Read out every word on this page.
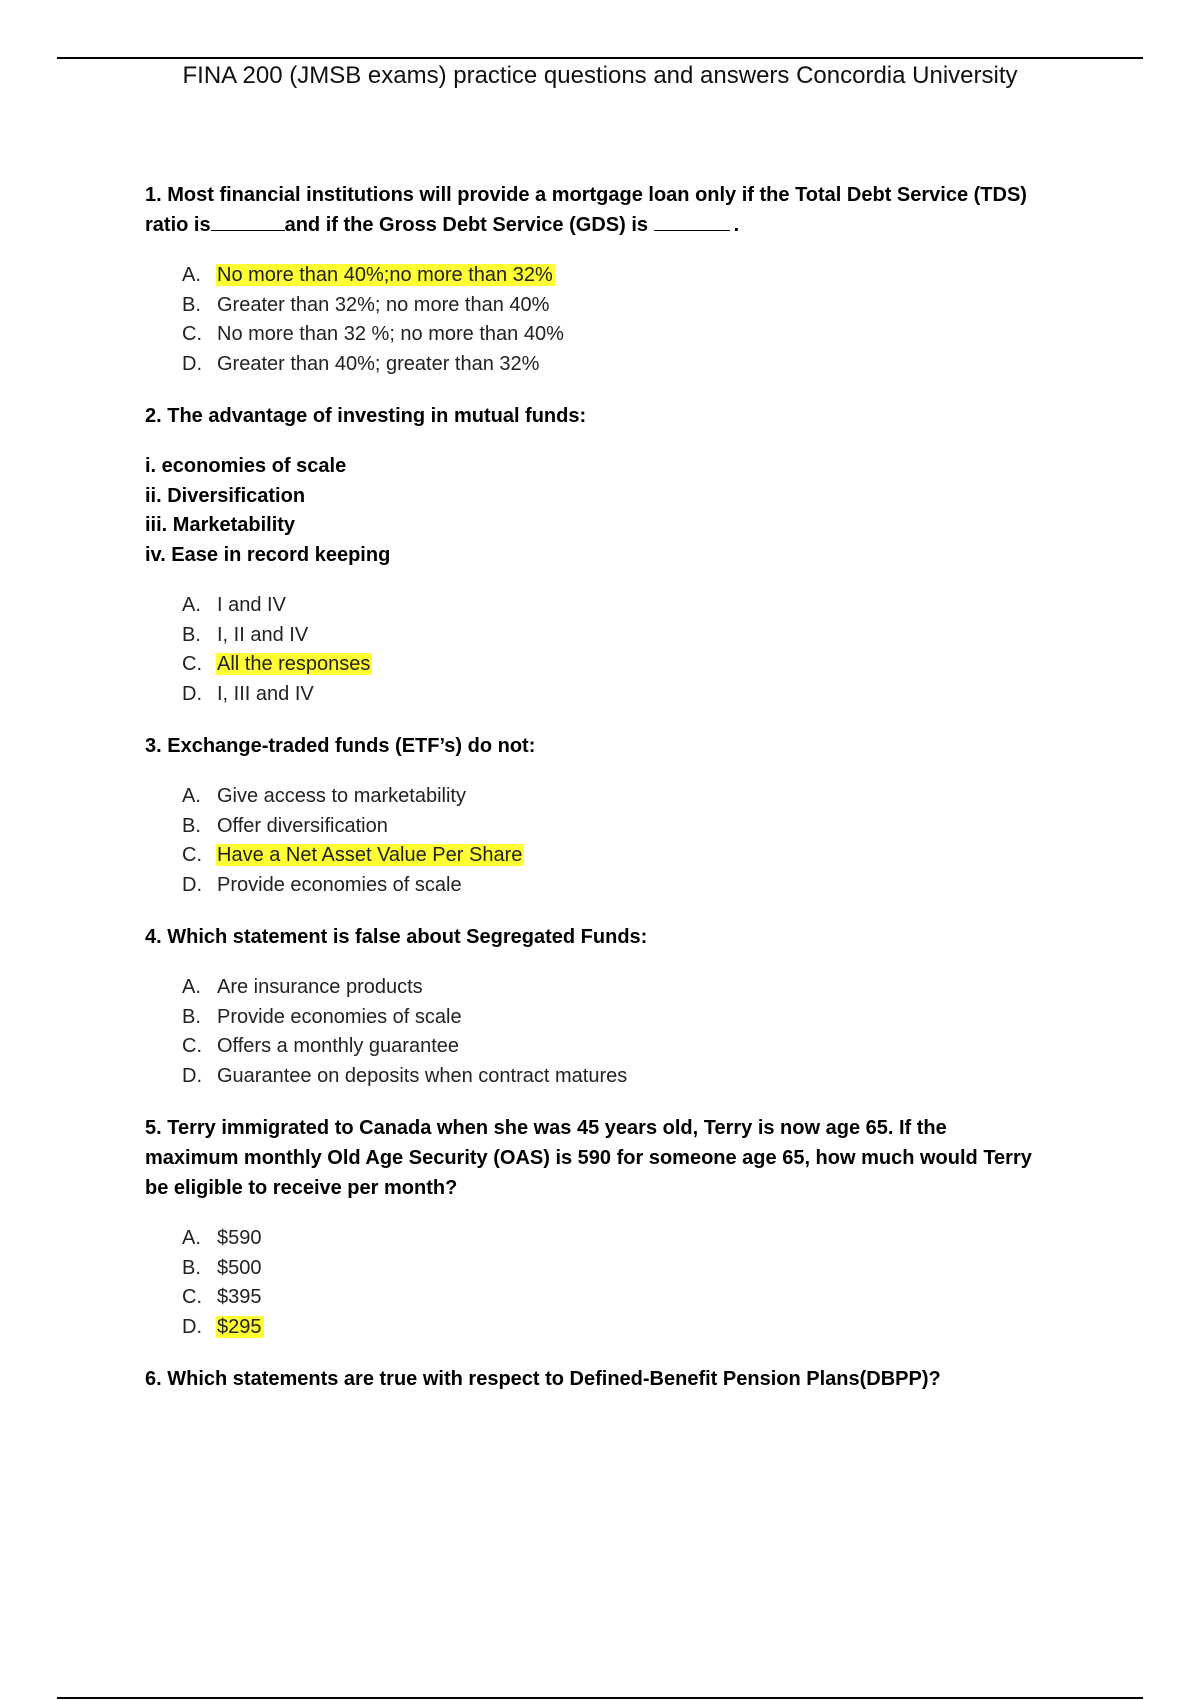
FINA 200 (JMSB exams) practice questions and answers Concordia University
1. Most financial institutions will provide a mortgage loan only if the Total Debt Service (TDS)
ratio is	and if the Gross Debt Service (GDS) is	.
A. No more than 40%;no more than 32%
B. Greater than 32%; no more than 40%
C. No more than 32 %; no more than 40%
D. Greater than 40%; greater than 32%
2. The advantage of investing in mutual funds:
i. economies of scale
ii. Diversification
iii. Marketability
iv. Ease in record keeping
A. I and IV
B. I, II and IV
C. All the responses
D. I, III and IV
3. Exchange-traded funds (ETF’s) do not:
A. Give access to marketability
B. Offer diversification
C. Have a Net Asset Value Per Share
D. Provide economies of scale
4. Which statement is false about Segregated Funds:
A. Are insurance products
B. Provide economies of scale
C. Offers a monthly guarantee
D. Guarantee on deposits when contract matures
5. Terry immigrated to Canada when she was 45 years old, Terry is now age 65. If the
maximum monthly Old Age Security (OAS) is 590 for someone age 65, how much would Terry
be eligible to receive per month?
A. $590
B. $500
C. $395
D. $295
6. Which statements are true with respect to Defined-Benefit Pension Plans(DBPP)?
